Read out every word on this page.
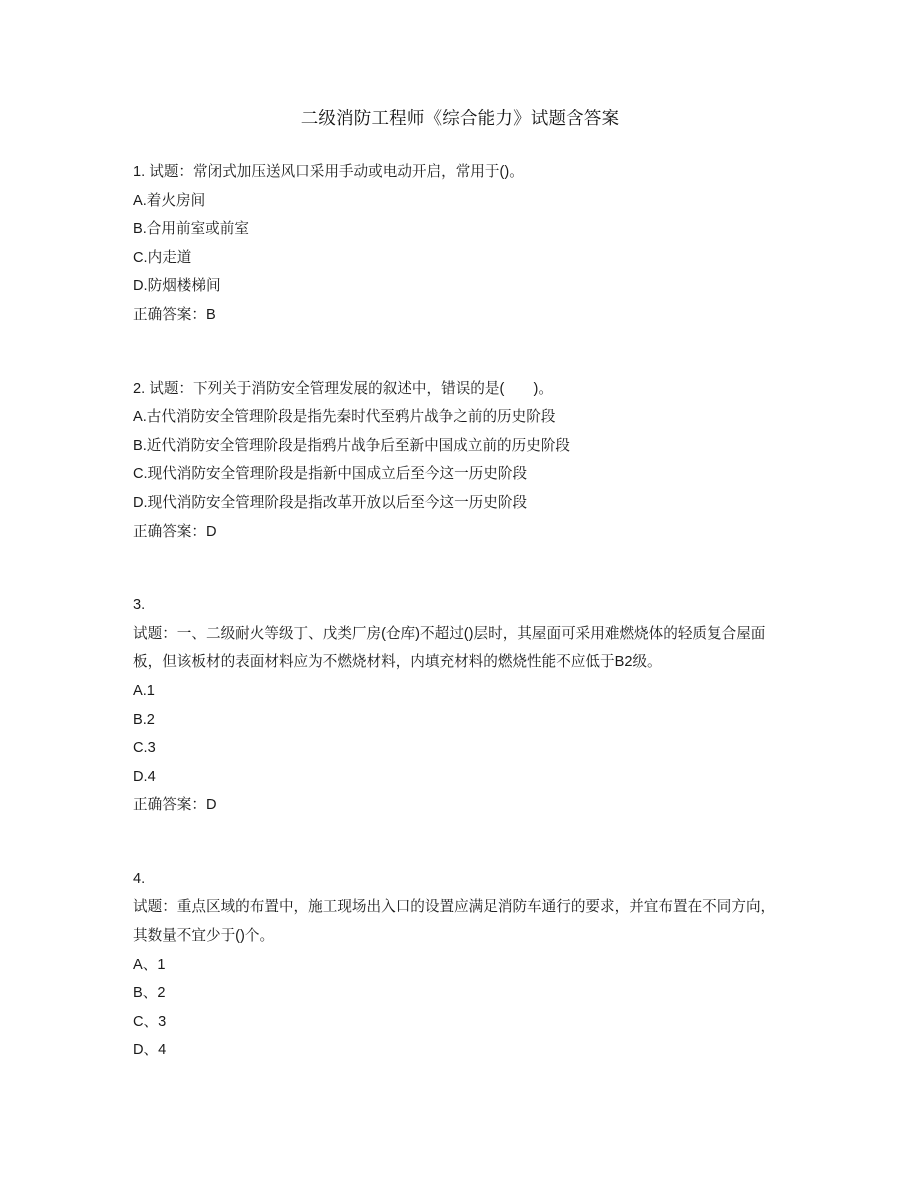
二级消防工程师《综合能力》试题含答案
1. 试题：常闭式加压送风口采用手动或电动开启，常用于()。
A.着火房间
B.合用前室或前室
C.内走道
D.防烟楼梯间
正确答案：B
2. 试题：下列关于消防安全管理发展的叙述中，错误的是(　　)。
A.古代消防安全管理阶段是指先秦时代至鸦片战争之前的历史阶段
B.近代消防安全管理阶段是指鸦片战争后至新中国成立前的历史阶段
C.现代消防安全管理阶段是指新中国成立后至今这一历史阶段
D.现代消防安全管理阶段是指改革开放以后至今这一历史阶段
正确答案：D
3.
试题：一、二级耐火等级丁、戊类厂房(仓库)不超过()层时，其屋面可采用难燃烧体的轻质复合屋面板，但该板材的表面材料应为不燃烧材料，内填充材料的燃烧性能不应低于B2级。
A.1
B.2
C.3
D.4
正确答案：D
4.
试题：重点区域的布置中，施工现场出入口的设置应满足消防车通行的要求，并宜布置在不同方向，其数量不宜少于()个。
A、1
B、2
C、3
D、4
